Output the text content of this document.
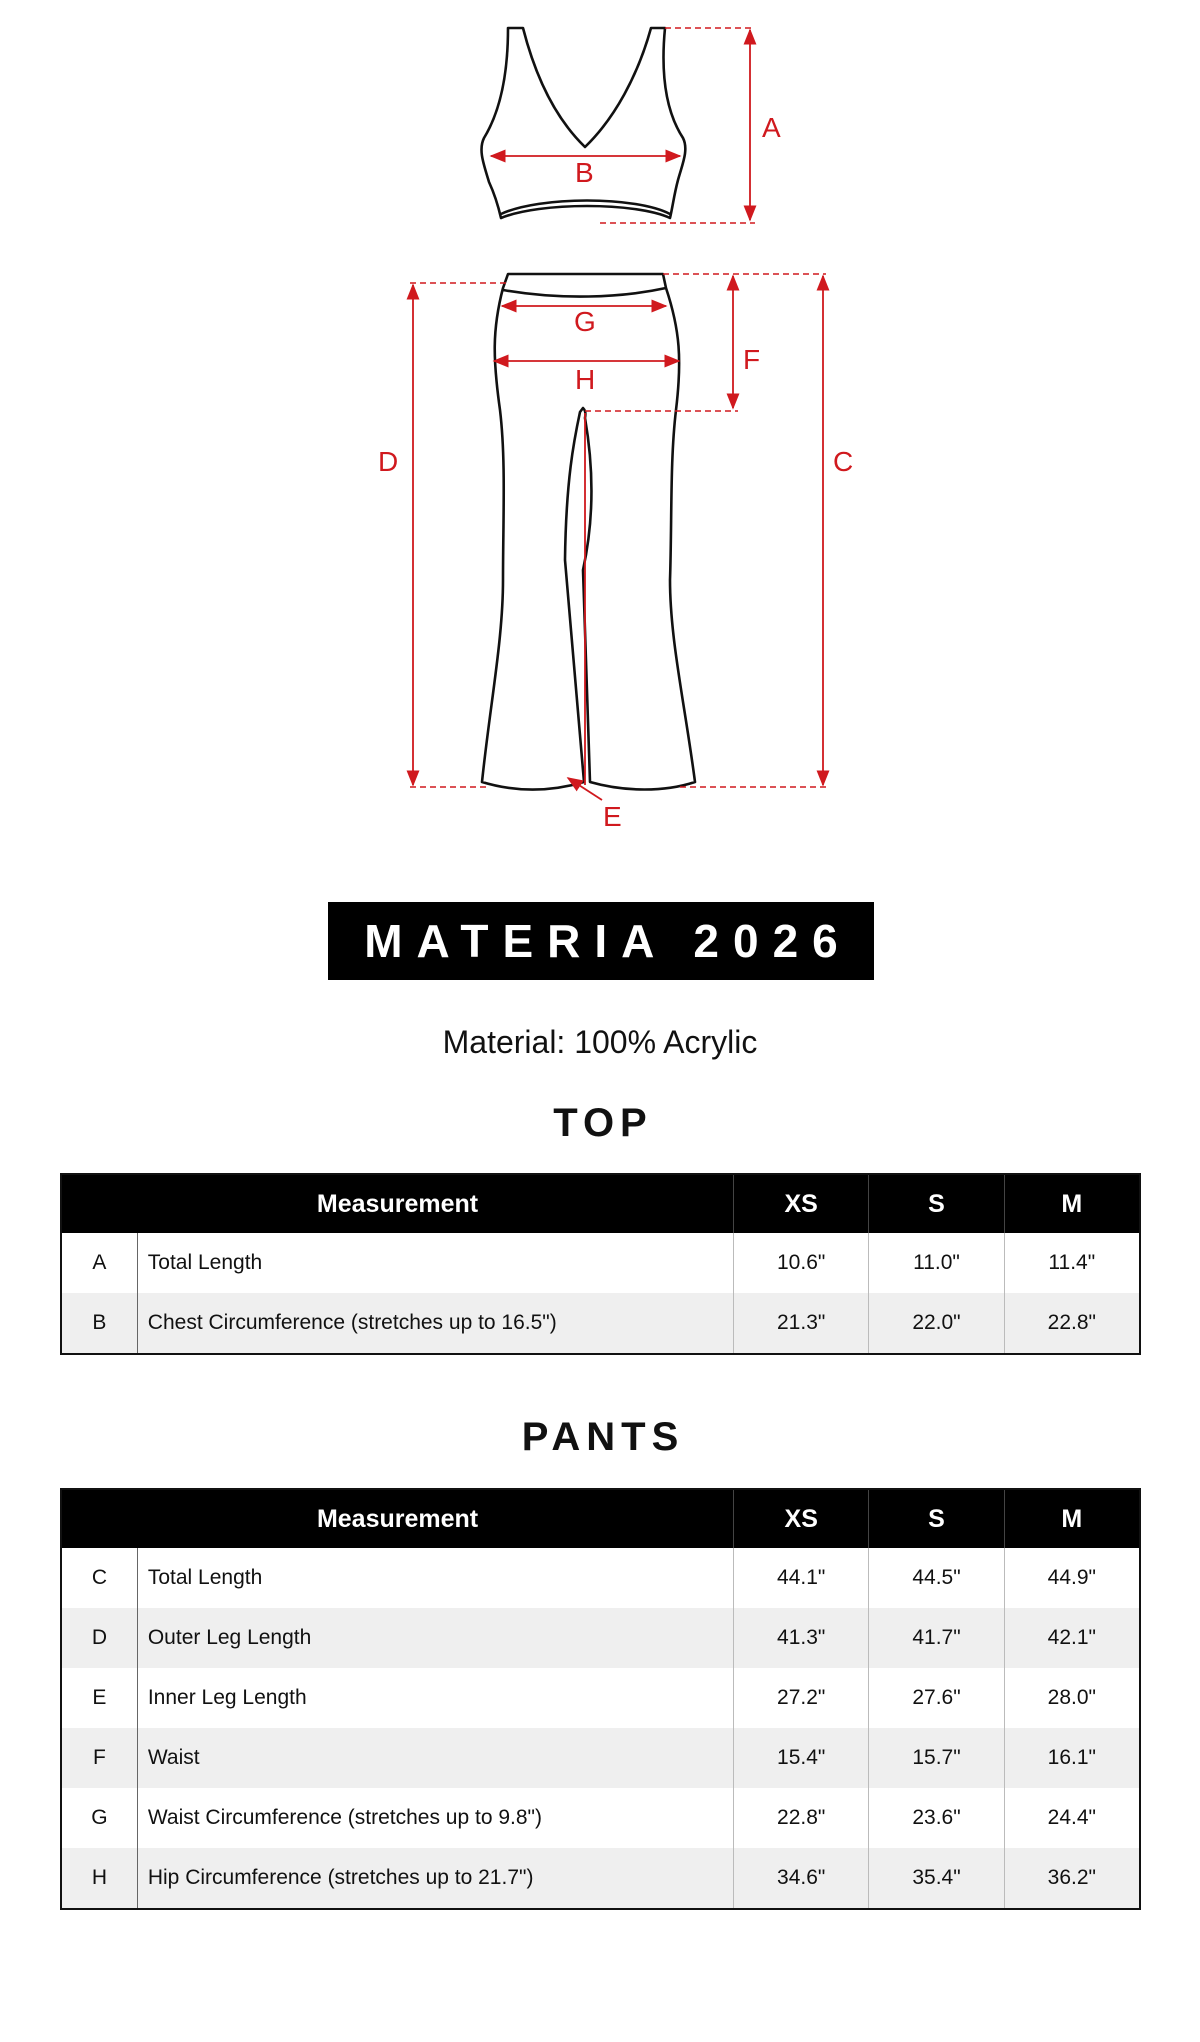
A
B
C
D
E
F
G
H
MATERIA 2026
Material: 100% Acrylic
TOP
Measurement		XS	S	M
A	Total Length	10.6"	11.0"	11.4"
B	Chest Circumference (stretches up to 16.5")	21.3"	22.0"	22.8"
PANTS
Measurement		XS	S	M
C	Total Length	44.1"	44.5"	44.9"
D	Outer Leg Length	41.3"	41.7"	42.1"
E	Inner Leg Length	27.2"	27.6"	28.0"
F	Waist	15.4"	15.7"	16.1"
G	Waist Circumference (stretches up to 9.8")	22.8"	23.6"	24.4"
H	Hip Circumference (stretches up to 21.7")	34.6"	35.4"	36.2"
